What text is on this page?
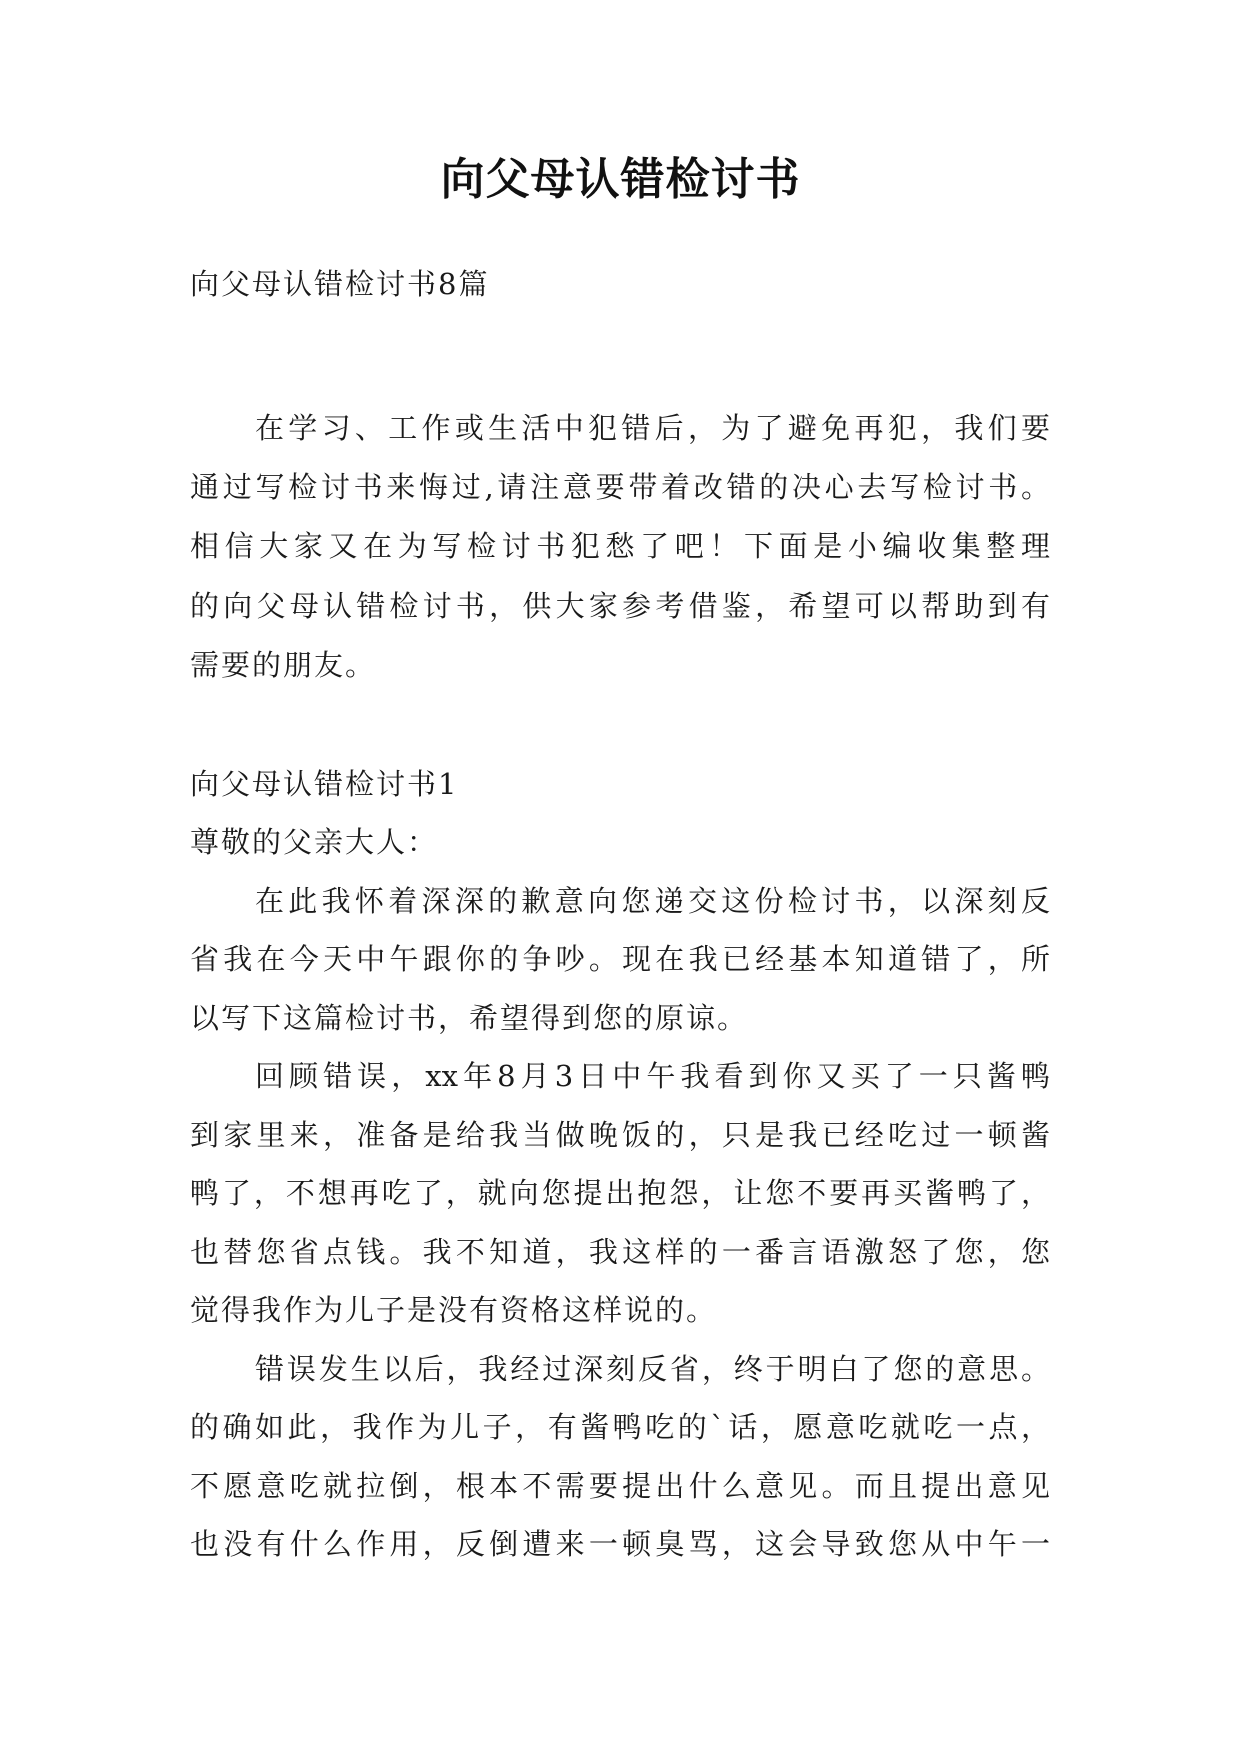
向父母认错检讨书
向父母认错检讨书8篇
在学习、工作或生活中犯错后，为了避免再犯，我们要
通过写检讨书来悔过,请注意要带着改错的决心去写检讨书。
相信大家又在为写检讨书犯愁了吧！下面是小编收集整理
的向父母认错检讨书，供大家参考借鉴，希望可以帮助到有
需要的朋友。
向父母认错检讨书1
尊敬的父亲大人：
在此我怀着深深的歉意向您递交这份检讨书，以深刻反
省我在今天中午跟你的争吵。现在我已经基本知道错了，所
以写下这篇检讨书，希望得到您的原谅。
回顾错误，xx年8月3日中午我看到你又买了一只酱鸭
到家里来，准备是给我当做晚饭的，只是我已经吃过一顿酱
鸭了，不想再吃了，就向您提出抱怨，让您不要再买酱鸭了，
也替您省点钱。我不知道，我这样的一番言语激怒了您，您
觉得我作为儿子是没有资格这样说的。
错误发生以后，我经过深刻反省，终于明白了您的意思。
的确如此，我作为儿子，有酱鸭吃的`话，愿意吃就吃一点，
不愿意吃就拉倒，根本不需要提出什么意见。而且提出意见
也没有什么作用，反倒遭来一顿臭骂，这会导致您从中午一
